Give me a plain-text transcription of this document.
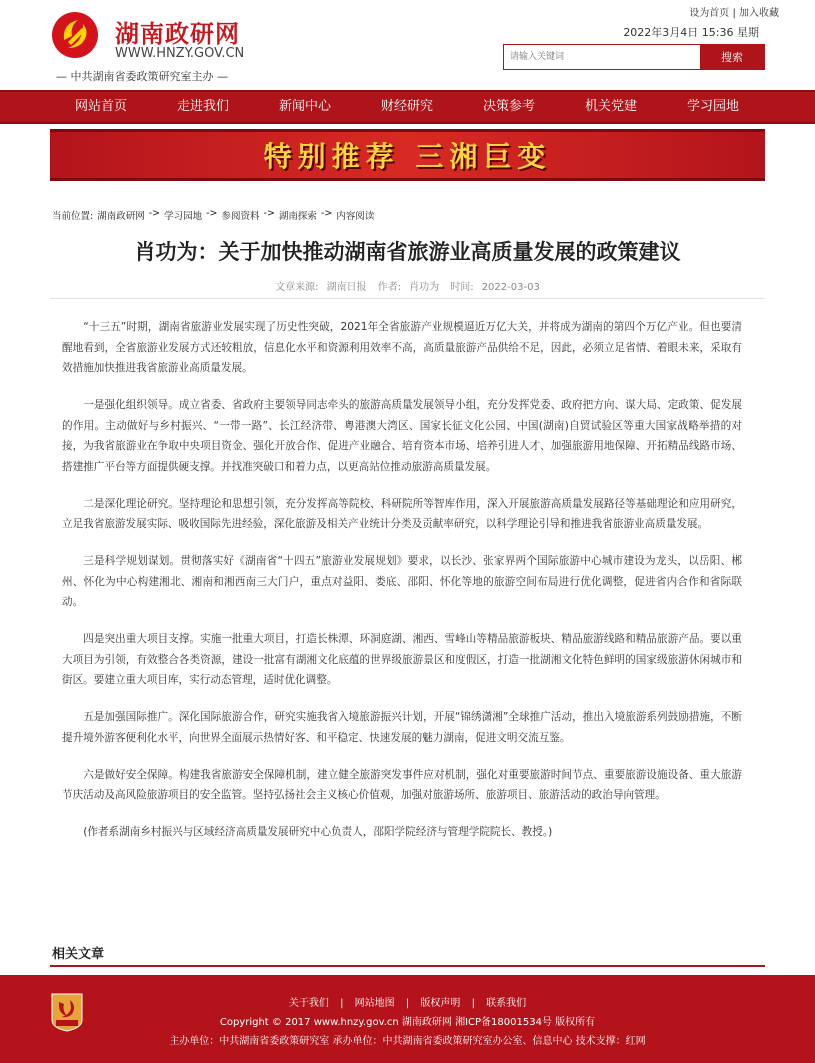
湖南政研网
WWW.HNZY.GOV.CN
— 中共湖南省委政策研究室主办 —
设为首页 | 加入收藏
2022年3月4日 15:36 星期
请输入关键词
搜索
网站首页	走进我们	新闻中心	财经研究	决策参考	机关党建	学习园地
特别推荐 三湘巨变
当前位置: 湖南政研网 -> 学习园地 -> 参阅资料 -> 湖南探索 -> 内容阅读
肖功为：关于加快推动湖南省旅游业高质量发展的政策建议
文章来源: 湖南日报 作者: 肖功为 时间: 2022-03-03

“十三五”时期，湖南省旅游业发展实现了历史性突破，2021年全省旅游产业规模逼近万亿大关，并将成为湖南的第四个万亿产业。但也要清醒地看到，全省旅游业发展方式还较粗放，信息化水平和资源利用效率不高，高质量旅游产品供给不足，因此，必须立足省情、着眼未来，采取有效措施加快推进我省旅游业高质量发展。

一是强化组织领导。成立省委、省政府主要领导同志牵头的旅游高质量发展领导小组，充分发挥党委、政府把方向、谋大局、定政策、促发展的作用。主动做好与乡村振兴、“一带一路”、长江经济带、粤港澳大湾区、国家长征文化公园、中国(湖南)自贸试验区等重大国家战略举措的对接，为我省旅游业在争取中央项目资金、强化开放合作、促进产业融合、培育资本市场、培养引进人才、加强旅游用地保障、开拓精品线路市场、搭建推广平台等方面提供硬支撑。并找准突破口和着力点，以更高站位推动旅游高质量发展。

二是深化理论研究。坚持理论和思想引领，充分发挥高等院校、科研院所等智库作用，深入开展旅游高质量发展路径等基础理论和应用研究，立足我省旅游发展实际、吸收国际先进经验，深化旅游及相关产业统计分类及贡献率研究，以科学理论引导和推进我省旅游业高质量发展。

三是科学规划谋划。贯彻落实好《湖南省“十四五”旅游业发展规划》要求，以长沙、张家界两个国际旅游中心城市建设为龙头，以岳阳、郴州、怀化为中心构建湘北、湘南和湘西南三大门户，重点对益阳、娄底、邵阳、怀化等地的旅游空间布局进行优化调整，促进省内合作和省际联动。

四是突出重大项目支撑。实施一批重大项目，打造长株潭、环洞庭湖、湘西、雪峰山等精品旅游板块、精品旅游线路和精品旅游产品。要以重大项目为引领，有效整合各类资源，建设一批富有湖湘文化底蕴的世界级旅游景区和度假区，打造一批湖湘文化特色鲜明的国家级旅游休闲城市和街区。要建立重大项目库，实行动态管理，适时优化调整。

五是加强国际推广。深化国际旅游合作，研究实施我省入境旅游振兴计划，开展“锦绣潇湘”全球推广活动，推出入境旅游系列鼓励措施，不断提升境外游客便利化水平，向世界全面展示热情好客、和平稳定、快速发展的魅力湖南，促进文明交流互鉴。

六是做好安全保障。构建我省旅游安全保障机制，建立健全旅游突发事件应对机制，强化对重要旅游时间节点、重要旅游设施设备、重大旅游节庆活动及高风险旅游项目的安全监管。坚持弘扬社会主义核心价值观，加强对旅游场所、旅游项目、旅游活动的政治导向管理。

(作者系湖南乡村振兴与区域经济高质量发展研究中心负责人，邵阳学院经济与管理学院院长、教授。)

相关文章
关于我们 | 网站地图 | 版权声明 | 联系我们
Copyright © 2017 www.hnzy.gov.cn 湖南政研网 湘ICP备18001534号 版权所有
主办单位：中共湖南省委政策研究室 承办单位：中共湖南省委政策研究室办公室、信息中心 技术支撑：红网
